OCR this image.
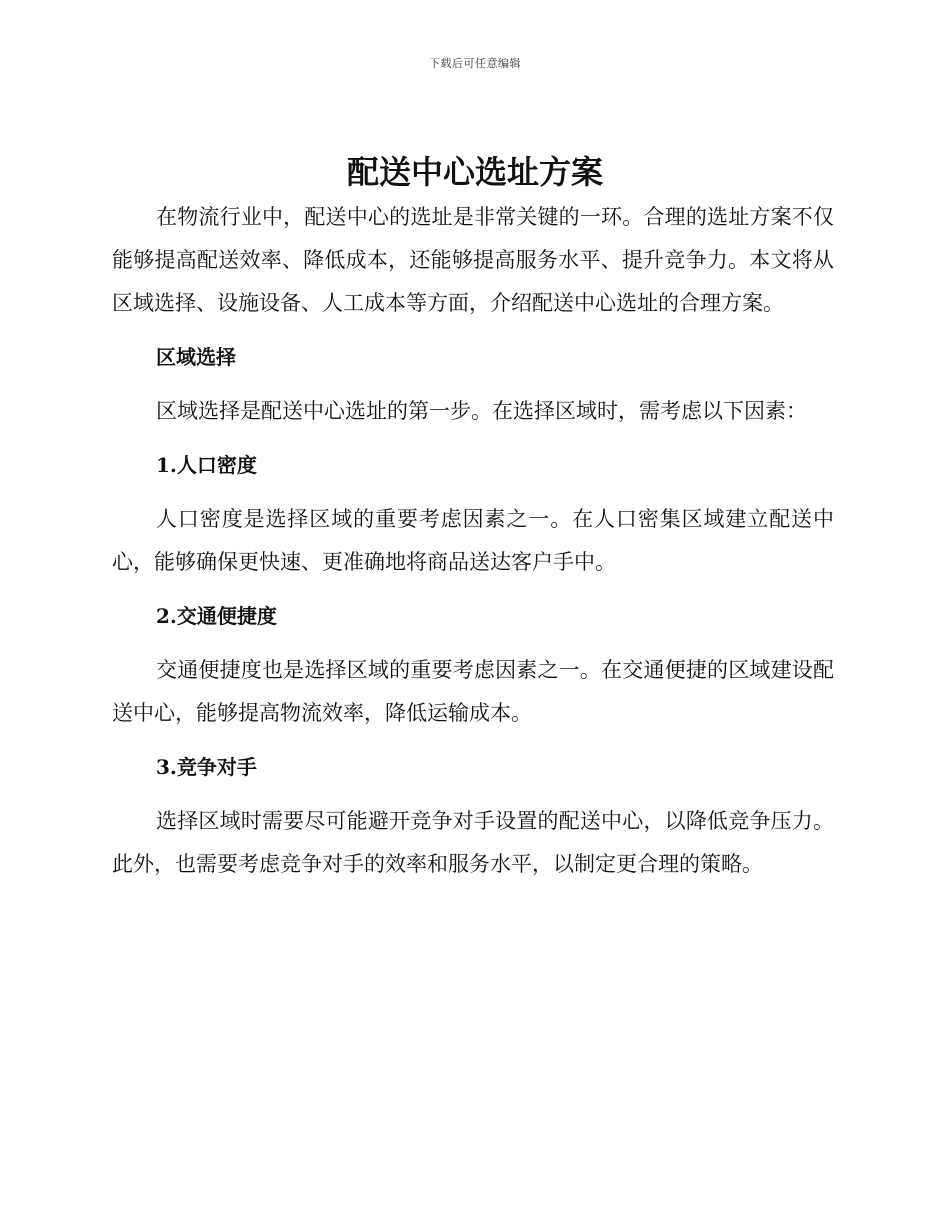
下载后可任意编辑
配送中心选址方案

在物流行业中，配送中心的选址是非常关键的一环。合理的选址方案不仅能够提高配送效率、降低成本，还能够提高服务水平、提升竞争力。本文将从区域选择、设施设备、人工成本等方面，介绍配送中心选址的合理方案。

区域选择

区域选择是配送中心选址的第一步。在选择区域时，需考虑以下因素：

1.人口密度

人口密度是选择区域的重要考虑因素之一。在人口密集区域建立配送中心，能够确保更快速、更准确地将商品送达客户手中。

2.交通便捷度

交通便捷度也是选择区域的重要考虑因素之一。在交通便捷的区域建设配送中心，能够提高物流效率，降低运输成本。

3.竞争对手

选择区域时需要尽可能避开竞争对手设置的配送中心，以降低竞争压力。此外，也需要考虑竞争对手的效率和服务水平，以制定更合理的策略。
